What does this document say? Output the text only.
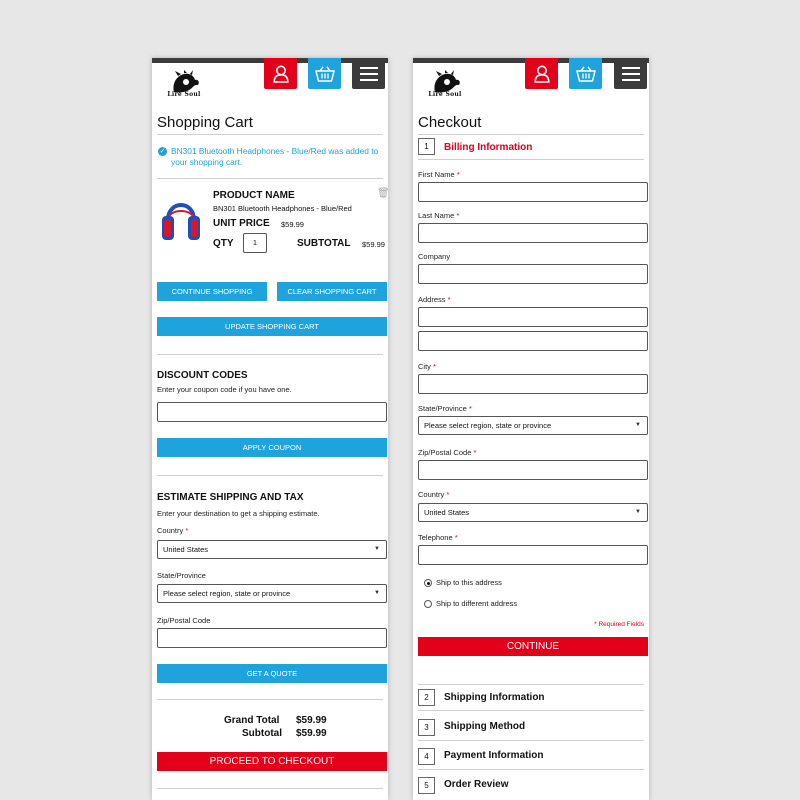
Lire Soul
Shopping Cart
✓ BN301 Bluetooth Headphones - Blue/Red was added to your shopping cart.
PRODUCT NAME
BN301 Bluetooth Headphones - Blue/Red
🗑
UNIT PRICE $59.99
QTY	1	SUBTOTAL $59.99
CONTINUE SHOPPING	CLEAR SHOPPING CART
UPDATE SHOPPING CART
DISCOUNT CODES
Enter your coupon code if you have one.
APPLY COUPON
ESTIMATE SHIPPING AND TAX
Enter your destination to get a shipping estimate.
Country *
United States	▼
State/Province
Please select region, state or province	▼
Zip/Postal Code
GET A QUOTE
Grand Total $59.99
Subtotal $59.99
PROCEED TO CHECKOUT
Lire Soul
Checkout
1	Billing Information
First Name *
Last Name *
Company
Address *
City *
State/Province *
Please select region, state or province	▼
Zip/Postal Code *
Country *
United States	▼
Telephone *
Ship to this address
Ship to different address
* Required Fields
CONTINUE
2	Shipping Information
3	Shipping Method
4	Payment Information
5	Order Review
